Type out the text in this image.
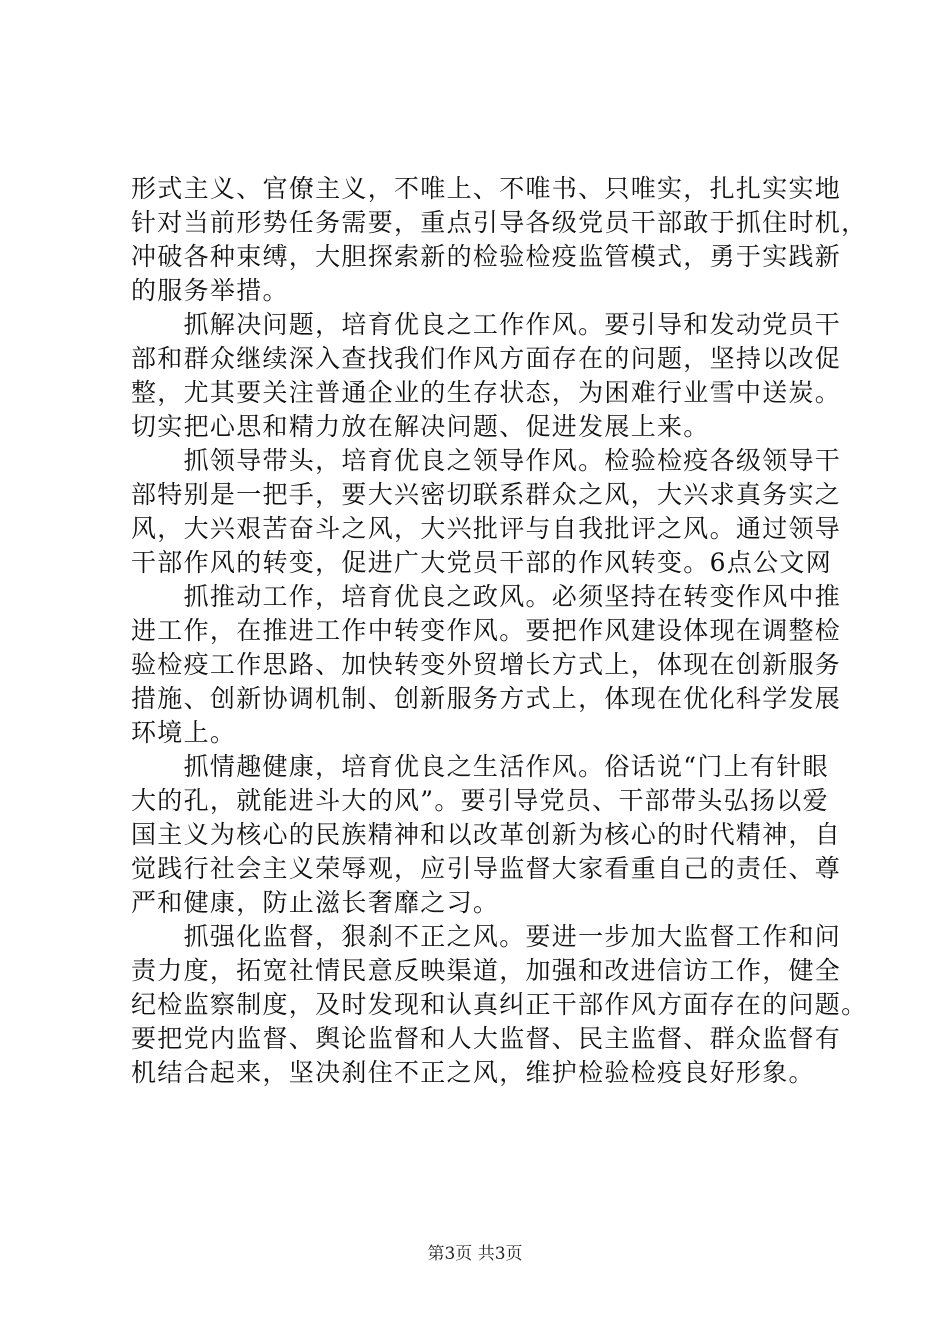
形式主义、官僚主义，不唯上、不唯书、只唯实，扎扎实实地
针对当前形势任务需要，重点引导各级党员干部敢于抓住时机，
冲破各种束缚，大胆探索新的检验检疫监管模式，勇于实践新
的服务举措。
　　抓解决问题，培育优良之工作作风。要引导和发动党员干
部和群众继续深入查找我们作风方面存在的问题，坚持以改促
整，尤其要关注普通企业的生存状态，为困难行业雪中送炭。
切实把心思和精力放在解决问题、促进发展上来。
　　抓领导带头，培育优良之领导作风。检验检疫各级领导干
部特别是一把手，要大兴密切联系群众之风，大兴求真务实之
风，大兴艰苦奋斗之风，大兴批评与自我批评之风。通过领导
干部作风的转变，促进广大党员干部的作风转变。6点公文网
　　抓推动工作，培育优良之政风。必须坚持在转变作风中推
进工作，在推进工作中转变作风。要把作风建设体现在调整检
验检疫工作思路、加快转变外贸增长方式上，体现在创新服务
措施、创新协调机制、创新服务方式上，体现在优化科学发展
环境上。
　　抓情趣健康，培育优良之生活作风。俗话说“门上有针眼
大的孔，就能进斗大的风”。要引导党员、干部带头弘扬以爱
国主义为核心的民族精神和以改革创新为核心的时代精神，自
觉践行社会主义荣辱观，应引导监督大家看重自己的责任、尊
严和健康，防止滋长奢靡之习。
　　抓强化监督，狠刹不正之风。要进一步加大监督工作和问
责力度，拓宽社情民意反映渠道，加强和改进信访工作，健全
纪检监察制度，及时发现和认真纠正干部作风方面存在的问题。
要把党内监督、舆论监督和人大监督、民主监督、群众监督有
机结合起来，坚决刹住不正之风，维护检验检疫良好形象。
第3页 共3页
